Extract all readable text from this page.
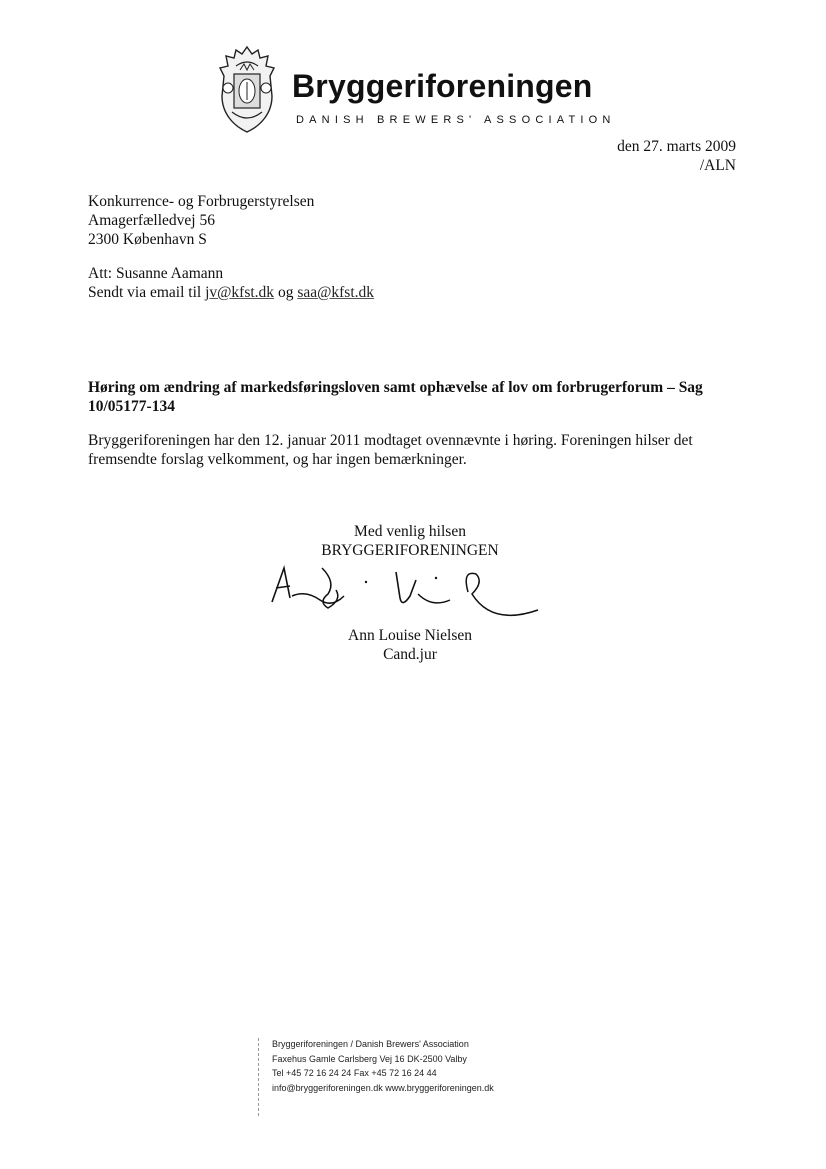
Bryggeriforeningen
DANISH BREWERS' ASSOCIATION
den 27. marts 2009
/ALN
Konkurrence- og Forbrugerstyrelsen
Amagerfælledvej 56
2300 København S
Att: Susanne Aamann
Sendt via email til jv@kfst.dk og saa@kfst.dk
Høring om ændring af markedsføringsloven samt ophævelse af lov om forbrugerforum – Sag 10/05177-134
Bryggeriforeningen har den 12. januar 2011 modtaget ovennævnte i høring. Foreningen hilser det
fremsendte forslag velkomment, og har ingen bemærkninger.
Med venlig hilsen
BRYGGERIFORENINGEN
Ann Louise Nielsen
Cand.jur
Bryggeriforeningen / Danish Brewers' Association
Faxehus Gamle Carlsberg Vej 16 DK-2500 Valby
Tel +45 72 16 24 24 Fax +45 72 16 24 44
info@bryggeriforeningen.dk www.bryggeriforeningen.dk
